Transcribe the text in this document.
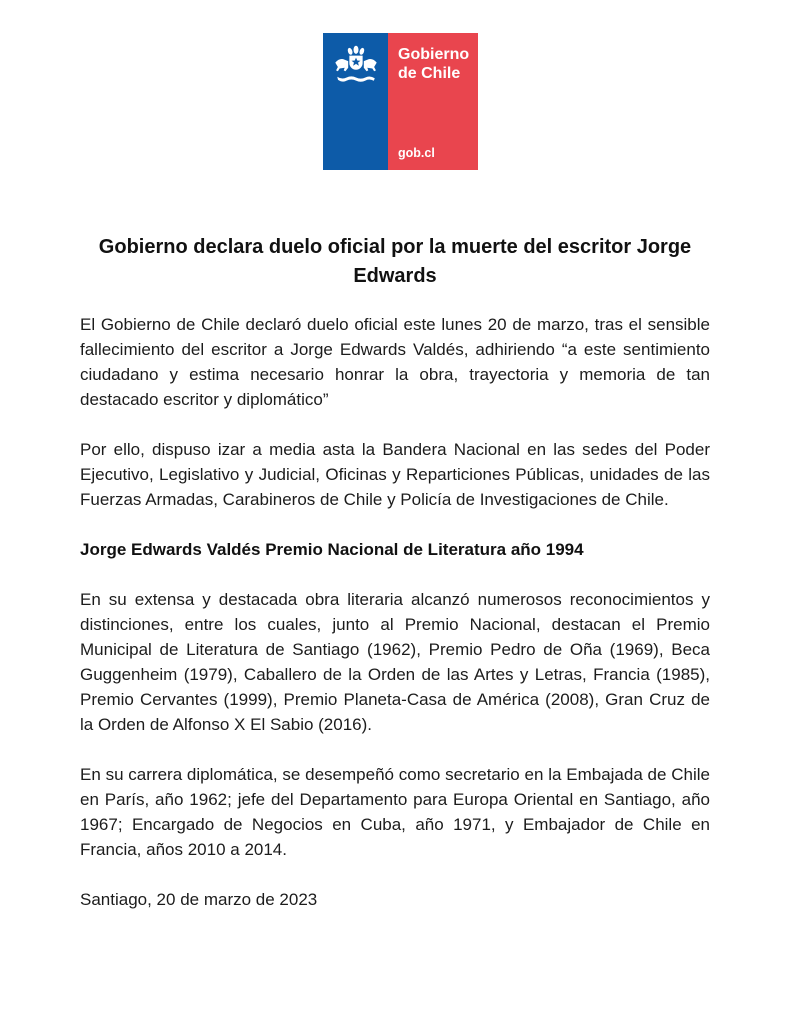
Gobierno de Chile
gob.cl
Gobierno declara duelo oficial por la muerte del escritor Jorge Edwards

El Gobierno de Chile declaró duelo oficial este lunes 20 de marzo, tras el sensible fallecimiento del escritor a Jorge Edwards Valdés, adhiriendo “a este sentimiento ciudadano y estima necesario honrar la obra, trayectoria y memoria de tan destacado escritor y diplomático”

Por ello, dispuso izar a media asta la Bandera Nacional en las sedes del Poder Ejecutivo, Legislativo y Judicial, Oficinas y Reparticiones Públicas, unidades de las Fuerzas Armadas, Carabineros de Chile y Policía de Investigaciones de Chile.

Jorge Edwards Valdés Premio Nacional de Literatura año 1994

En su extensa y destacada obra literaria alcanzó numerosos reconocimientos y distinciones, entre los cuales, junto al Premio Nacional, destacan el Premio Municipal de Literatura de Santiago (1962), Premio Pedro de Oña (1969), Beca Guggenheim (1979), Caballero de la Orden de las Artes y Letras, Francia (1985), Premio Cervantes (1999), Premio Planeta-Casa de América (2008), Gran Cruz de la Orden de Alfonso X El Sabio (2016).

En su carrera diplomática, se desempeñó como secretario en la Embajada de Chile en París, año 1962; jefe del Departamento para Europa Oriental en Santiago, año 1967; Encargado de Negocios en Cuba, año 1971, y Embajador de Chile en Francia, años 2010 a 2014.

Santiago, 20 de marzo de 2023
